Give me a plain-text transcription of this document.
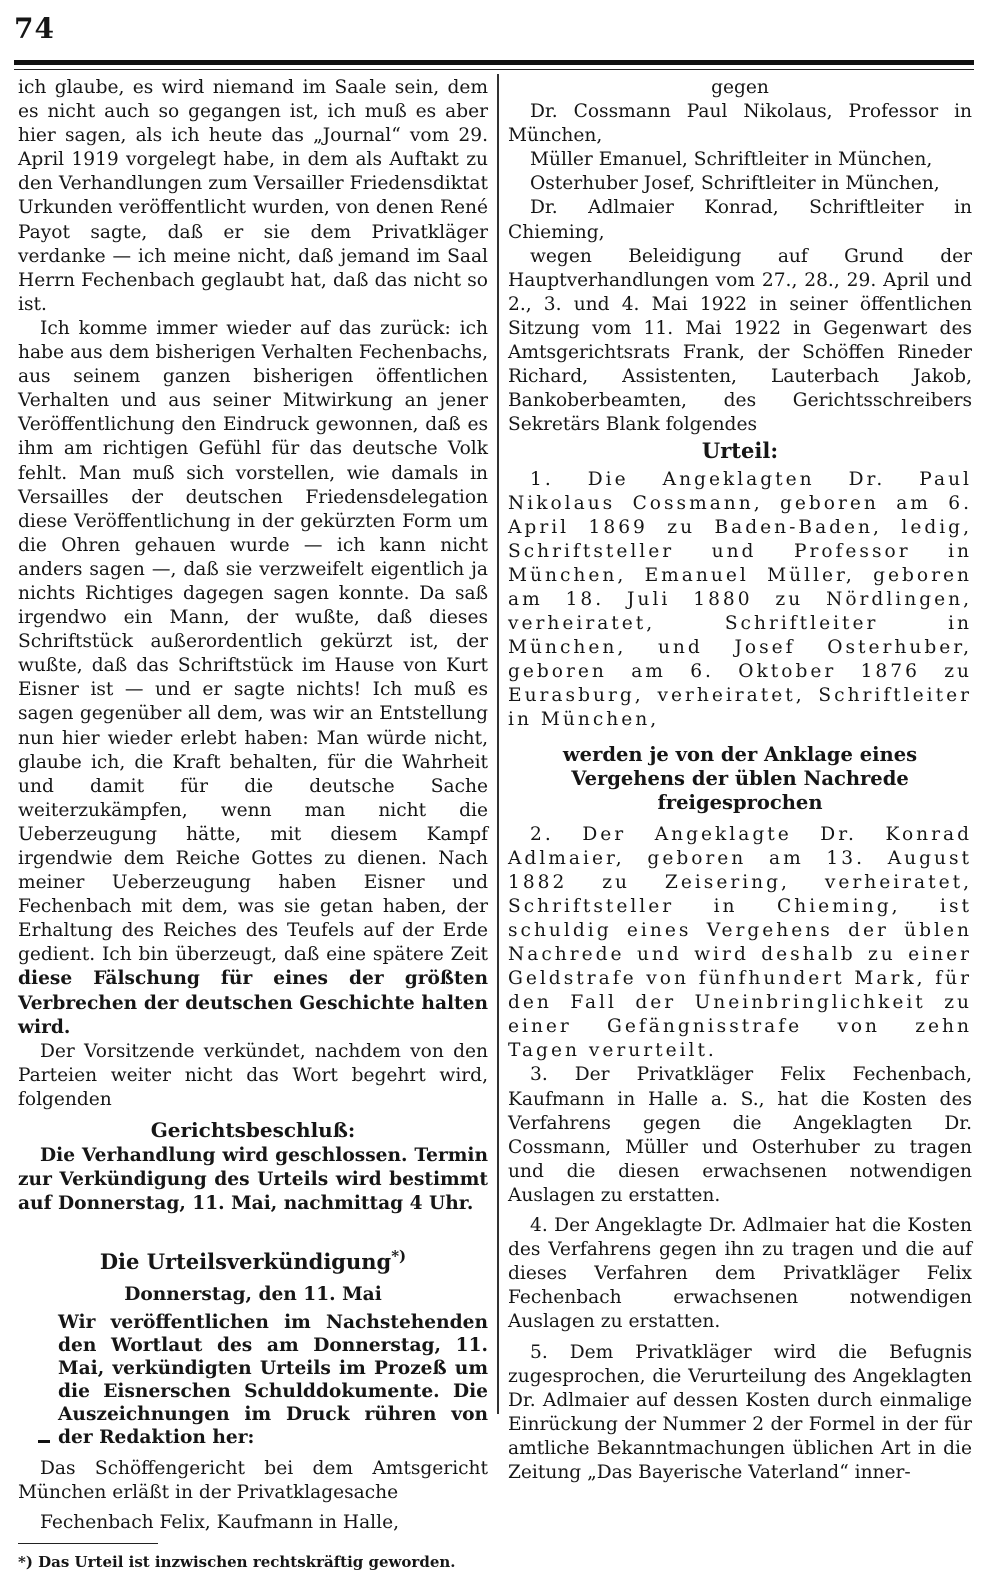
74

ich glaube, es wird niemand im Saale sein, dem es nicht auch so gegangen ist, ich muß es aber hier sagen, als ich heute das „Journal“ vom 29. April 1919 vorgelegt habe, in dem als Auftakt zu den Verhandlungen zum Versailler Friedensdiktat Urkunden veröffentlicht wurden, von denen René Payot sagte, daß er sie dem Privatkläger verdanke — ich meine nicht, daß jemand im Saal Herrn Fechenbach geglaubt hat, daß das nicht so ist.

Ich komme immer wieder auf das zurück: ich habe aus dem bisherigen Verhalten Fechenbachs, aus seinem ganzen bisherigen öffentlichen Verhalten und aus seiner Mitwirkung an jener Veröffentlichung den Eindruck gewonnen, daß es ihm am richtigen Gefühl für das deutsche Volk fehlt. Man muß sich vorstellen, wie damals in Versailles der deutschen Friedensdelegation diese Veröffentlichung in der gekürzten Form um die Ohren gehauen wurde — ich kann nicht anders sagen —, daß sie verzweifelt eigentlich ja nichts Richtiges dagegen sagen konnte. Da saß irgendwo ein Mann, der wußte, daß dieses Schriftstück außerordentlich gekürzt ist, der wußte, daß das Schriftstück im Hause von Kurt Eisner ist — und er sagte nichts! Ich muß es sagen gegenüber all dem, was wir an Entstellung nun hier wieder erlebt haben: Man würde nicht, glaube ich, die Kraft behalten, für die Wahrheit und damit für die deutsche Sache weiterzukämpfen, wenn man nicht die Ueberzeugung hätte, mit diesem Kampf irgendwie dem Reiche Gottes zu dienen. Nach meiner Ueberzeugung haben Eisner und Fechenbach mit dem, was sie getan haben, der Erhaltung des Reiches des Teufels auf der Erde gedient. Ich bin überzeugt, daß eine spätere Zeit diese Fälschung für eines der größten Verbrechen der deutschen Geschichte halten wird.

Der Vorsitzende verkündet, nachdem von den Parteien weiter nicht das Wort begehrt wird, folgenden

Gerichtsbeschluß:

Die Verhandlung wird geschlossen. Termin zur Verkündigung des Urteils wird bestimmt auf Donnerstag, 11. Mai, nachmittag 4 Uhr.

Die Urteilsverkündigung*)
Donnerstag, den 11. Mai

Wir veröffentlichen im Nachstehenden den Wortlaut des am Donnerstag, 11. Mai, verkündigten Urteils im Prozeß um die Eisnerschen Schulddokumente. Die Auszeichnungen im Druck rühren von der Redaktion her:

Das Schöffengericht bei dem Amtsgericht München erläßt in der Privatklagesache

Fechenbach Felix, Kaufmann in Halle,

*) Das Urteil ist inzwischen rechtskräftig geworden.

gegen

Dr. Cossmann Paul Nikolaus, Professor in München,

Müller Emanuel, Schriftleiter in München,

Osterhuber Josef, Schriftleiter in München,

Dr. Adlmaier Konrad, Schriftleiter in Chieming,

wegen Beleidigung auf Grund der Hauptverhandlungen vom 27., 28., 29. April und 2., 3. und 4. Mai 1922 in seiner öffentlichen Sitzung vom 11. Mai 1922 in Gegenwart des Amtsgerichtsrats Frank, der Schöffen Rineder Richard, Assistenten, Lauterbach Jakob, Bankoberbeamten, des Gerichtsschreibers Sekretärs Blank folgendes

Urteil:

1. Die Angeklagten Dr. Paul Nikolaus Cossmann, geboren am 6. April 1869 zu Baden-Baden, ledig, Schriftsteller und Professor in München, Emanuel Müller, geboren am 18. Juli 1880 zu Nördlingen, verheiratet, Schriftleiter in München, und Josef Osterhuber, geboren am 6. Oktober 1876 zu Eurasburg, verheiratet, Schriftleiter in München,

werden je von der Anklage eines Vergehens der üblen Nachrede freigesprochen

2. Der Angeklagte Dr. Konrad Adlmaier, geboren am 13. August 1882 zu Zeisering, verheiratet, Schriftsteller in Chieming, ist schuldig eines Vergehens der üblen Nachrede und wird deshalb zu einer Geldstrafe von fünfhundert Mark, für den Fall der Uneinbringlichkeit zu einer Gefängnisstrafe von zehn Tagen verurteilt.

3. Der Privatkläger Felix Fechenbach, Kaufmann in Halle a. S., hat die Kosten des Verfahrens gegen die Angeklagten Dr. Cossmann, Müller und Osterhuber zu tragen und die diesen erwachsenen notwendigen Auslagen zu erstatten.

4. Der Angeklagte Dr. Adlmaier hat die Kosten des Verfahrens gegen ihn zu tragen und die auf dieses Verfahren dem Privatkläger Felix Fechenbach erwachsenen notwendigen Auslagen zu erstatten.

5. Dem Privatkläger wird die Befugnis zugesprochen, die Verurteilung des Angeklagten Dr. Adlmaier auf dessen Kosten durch einmalige Einrückung der Nummer 2 der Formel in der für amtliche Bekanntmachungen üblichen Art in die Zeitung „Das Bayerische Vaterland“ inner-
